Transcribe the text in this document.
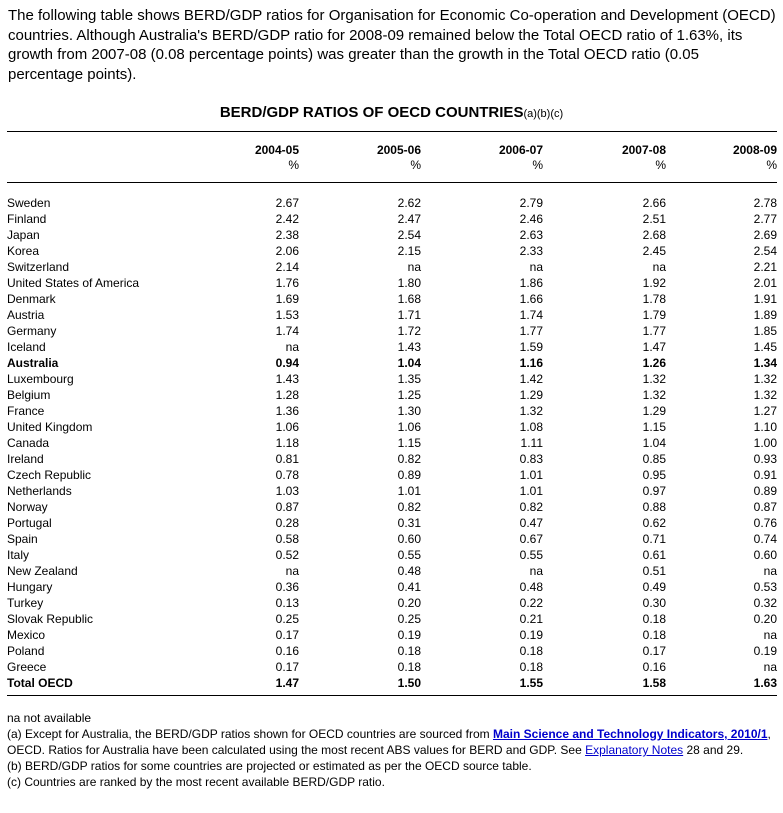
The following table shows BERD/GDP ratios for Organisation for Economic Co-operation and Development (OECD) countries. Although Australia's BERD/GDP ratio for 2008-09 remained below the Total OECD ratio of 1.63%, its growth from 2007-08 (0.08 percentage points) was greater than the growth in the Total OECD ratio (0.05 percentage points).

BERD/GDP RATIOS OF OECD COUNTRIES(a)(b)(c)
	2004-05	2005-06	2006-07	2007-08	2008-09
	%	%	%	%	%
Sweden	2.67	2.62	2.79	2.66	2.78
Finland	2.42	2.47	2.46	2.51	2.77
Japan	2.38	2.54	2.63	2.68	2.69
Korea	2.06	2.15	2.33	2.45	2.54
Switzerland	2.14	na	na	na	2.21
United States of America	1.76	1.80	1.86	1.92	2.01
Denmark	1.69	1.68	1.66	1.78	1.91
Austria	1.53	1.71	1.74	1.79	1.89
Germany	1.74	1.72	1.77	1.77	1.85
Iceland	na	1.43	1.59	1.47	1.45
Australia	0.94	1.04	1.16	1.26	1.34
Luxembourg	1.43	1.35	1.42	1.32	1.32
Belgium	1.28	1.25	1.29	1.32	1.32
France	1.36	1.30	1.32	1.29	1.27
United Kingdom	1.06	1.06	1.08	1.15	1.10
Canada	1.18	1.15	1.11	1.04	1.00
Ireland	0.81	0.82	0.83	0.85	0.93
Czech Republic	0.78	0.89	1.01	0.95	0.91
Netherlands	1.03	1.01	1.01	0.97	0.89
Norway	0.87	0.82	0.82	0.88	0.87
Portugal	0.28	0.31	0.47	0.62	0.76
Spain	0.58	0.60	0.67	0.71	0.74
Italy	0.52	0.55	0.55	0.61	0.60
New Zealand	na	0.48	na	0.51	na
Hungary	0.36	0.41	0.48	0.49	0.53
Turkey	0.13	0.20	0.22	0.30	0.32
Slovak Republic	0.25	0.25	0.21	0.18	0.20
Mexico	0.17	0.19	0.19	0.18	na
Poland	0.16	0.18	0.18	0.17	0.19
Greece	0.17	0.18	0.18	0.16	na
Total OECD	1.47	1.50	1.55	1.58	1.63

na not available

(a) Except for Australia, the BERD/GDP ratios shown for OECD countries are sourced from Main Science and Technology Indicators, 2010/1, OECD. Ratios for Australia have been calculated using the most recent ABS values for BERD and GDP. See Explanatory Notes 28 and 29.

(b) BERD/GDP ratios for some countries are projected or estimated as per the OECD source table.

(c) Countries are ranked by the most recent available BERD/GDP ratio.
